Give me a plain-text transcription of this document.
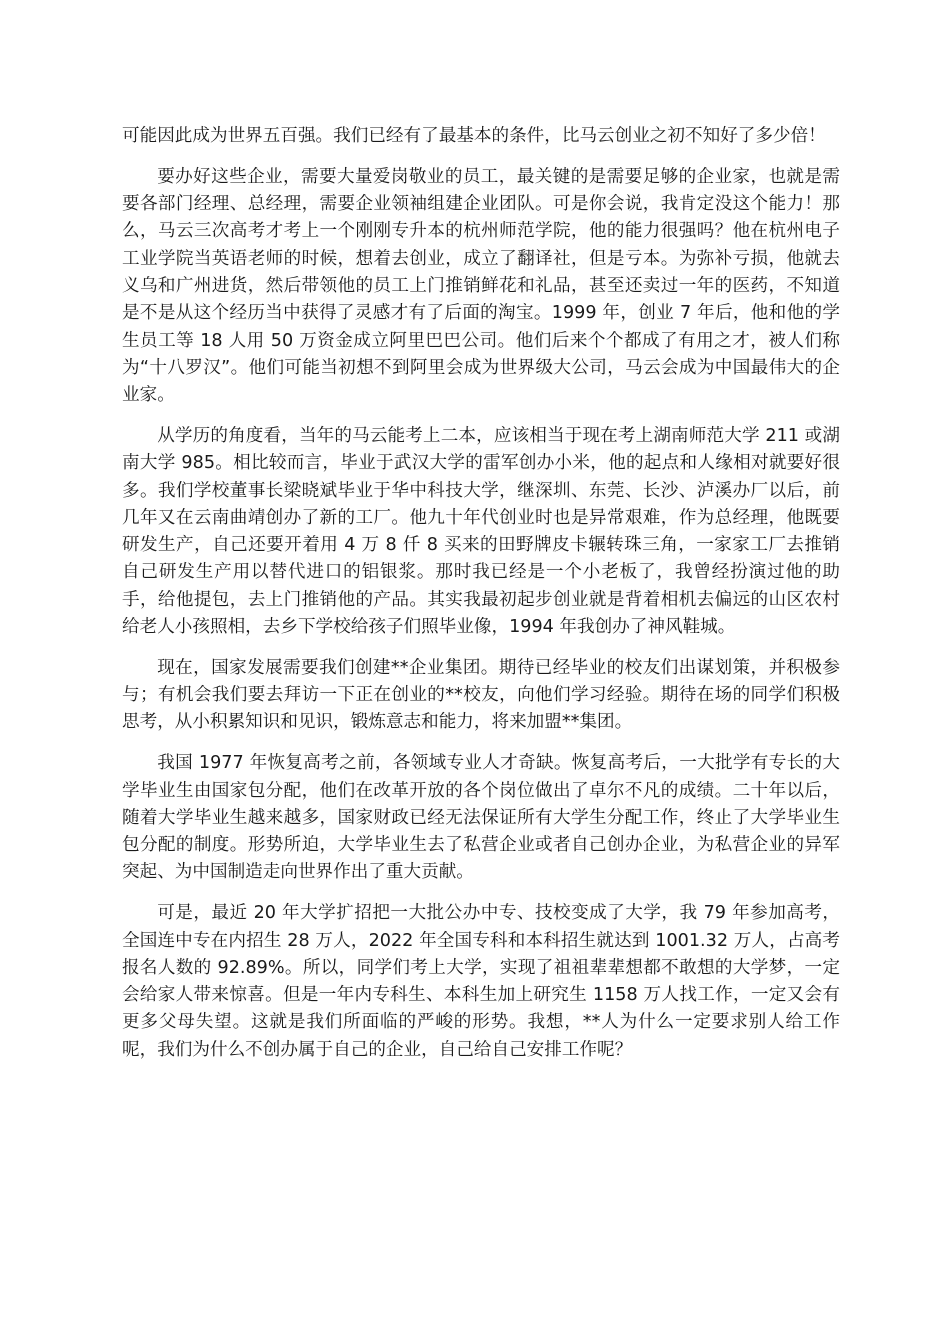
可能因此成为世界五百强。我们已经有了最基本的条件，比马云创业之初不知好了多少倍！

要办好这些企业，需要大量爱岗敬业的员工，最关键的是需要足够的企业家，也就是需要各部门经理、总经理，需要企业领袖组建企业团队。可是你会说，我肯定没这个能力！那么，马云三次高考才考上一个刚刚专升本的杭州师范学院，他的能力很强吗？他在杭州电子工业学院当英语老师的时候，想着去创业，成立了翻译社，但是亏本。为弥补亏损，他就去义乌和广州进货，然后带领他的员工上门推销鲜花和礼品，甚至还卖过一年的医药，不知道是不是从这个经历当中获得了灵感才有了后面的淘宝。1999 年，创业 7 年后，他和他的学生员工等 18 人用 50 万资金成立阿里巴巴公司。他们后来个个都成了有用之才，被人们称为“十八罗汉”。他们可能当初想不到阿里会成为世界级大公司，马云会成为中国最伟大的企业家。

从学历的角度看，当年的马云能考上二本，应该相当于现在考上湖南师范大学 211 或湖南大学 985。相比较而言，毕业于武汉大学的雷军创办小米，他的起点和人缘相对就要好很多。我们学校董事长梁晓斌毕业于华中科技大学，继深圳、东莞、长沙、泸溪办厂以后，前几年又在云南曲靖创办了新的工厂。他九十年代创业时也是异常艰难，作为总经理，他既要研发生产，自己还要开着用 4 万 8 仟 8 买来的田野牌皮卡辗转珠三角，一家家工厂去推销自己研发生产用以替代进口的铝银浆。那时我已经是一个小老板了，我曾经扮演过他的助手，给他提包，去上门推销他的产品。其实我最初起步创业就是背着相机去偏远的山区农村给老人小孩照相，去乡下学校给孩子们照毕业像，1994 年我创办了神风鞋城。

现在，国家发展需要我们创建**企业集团。期待已经毕业的校友们出谋划策，并积极参与；有机会我们要去拜访一下正在创业的**校友，向他们学习经验。期待在场的同学们积极思考，从小积累知识和见识，锻炼意志和能力，将来加盟**集团。

我国 1977 年恢复高考之前，各领域专业人才奇缺。恢复高考后，一大批学有专长的大学毕业生由国家包分配，他们在改革开放的各个岗位做出了卓尔不凡的成绩。二十年以后，随着大学毕业生越来越多，国家财政已经无法保证所有大学生分配工作，终止了大学毕业生包分配的制度。形势所迫，大学毕业生去了私营企业或者自己创办企业，为私营企业的异军突起、为中国制造走向世界作出了重大贡献。

可是，最近 20 年大学扩招把一大批公办中专、技校变成了大学，我 79 年参加高考，全国连中专在内招生 28 万人，2022 年全国专科和本科招生就达到 1001.32 万人，占高考报名人数的 92.89%。所以，同学们考上大学，实现了祖祖辈辈想都不敢想的大学梦，一定会给家人带来惊喜。但是一年内专科生、本科生加上研究生 1158 万人找工作，一定又会有更多父母失望。这就是我们所面临的严峻的形势。我想，**人为什么一定要求别人给工作呢，我们为什么不创办属于自己的企业，自己给自己安排工作呢？
